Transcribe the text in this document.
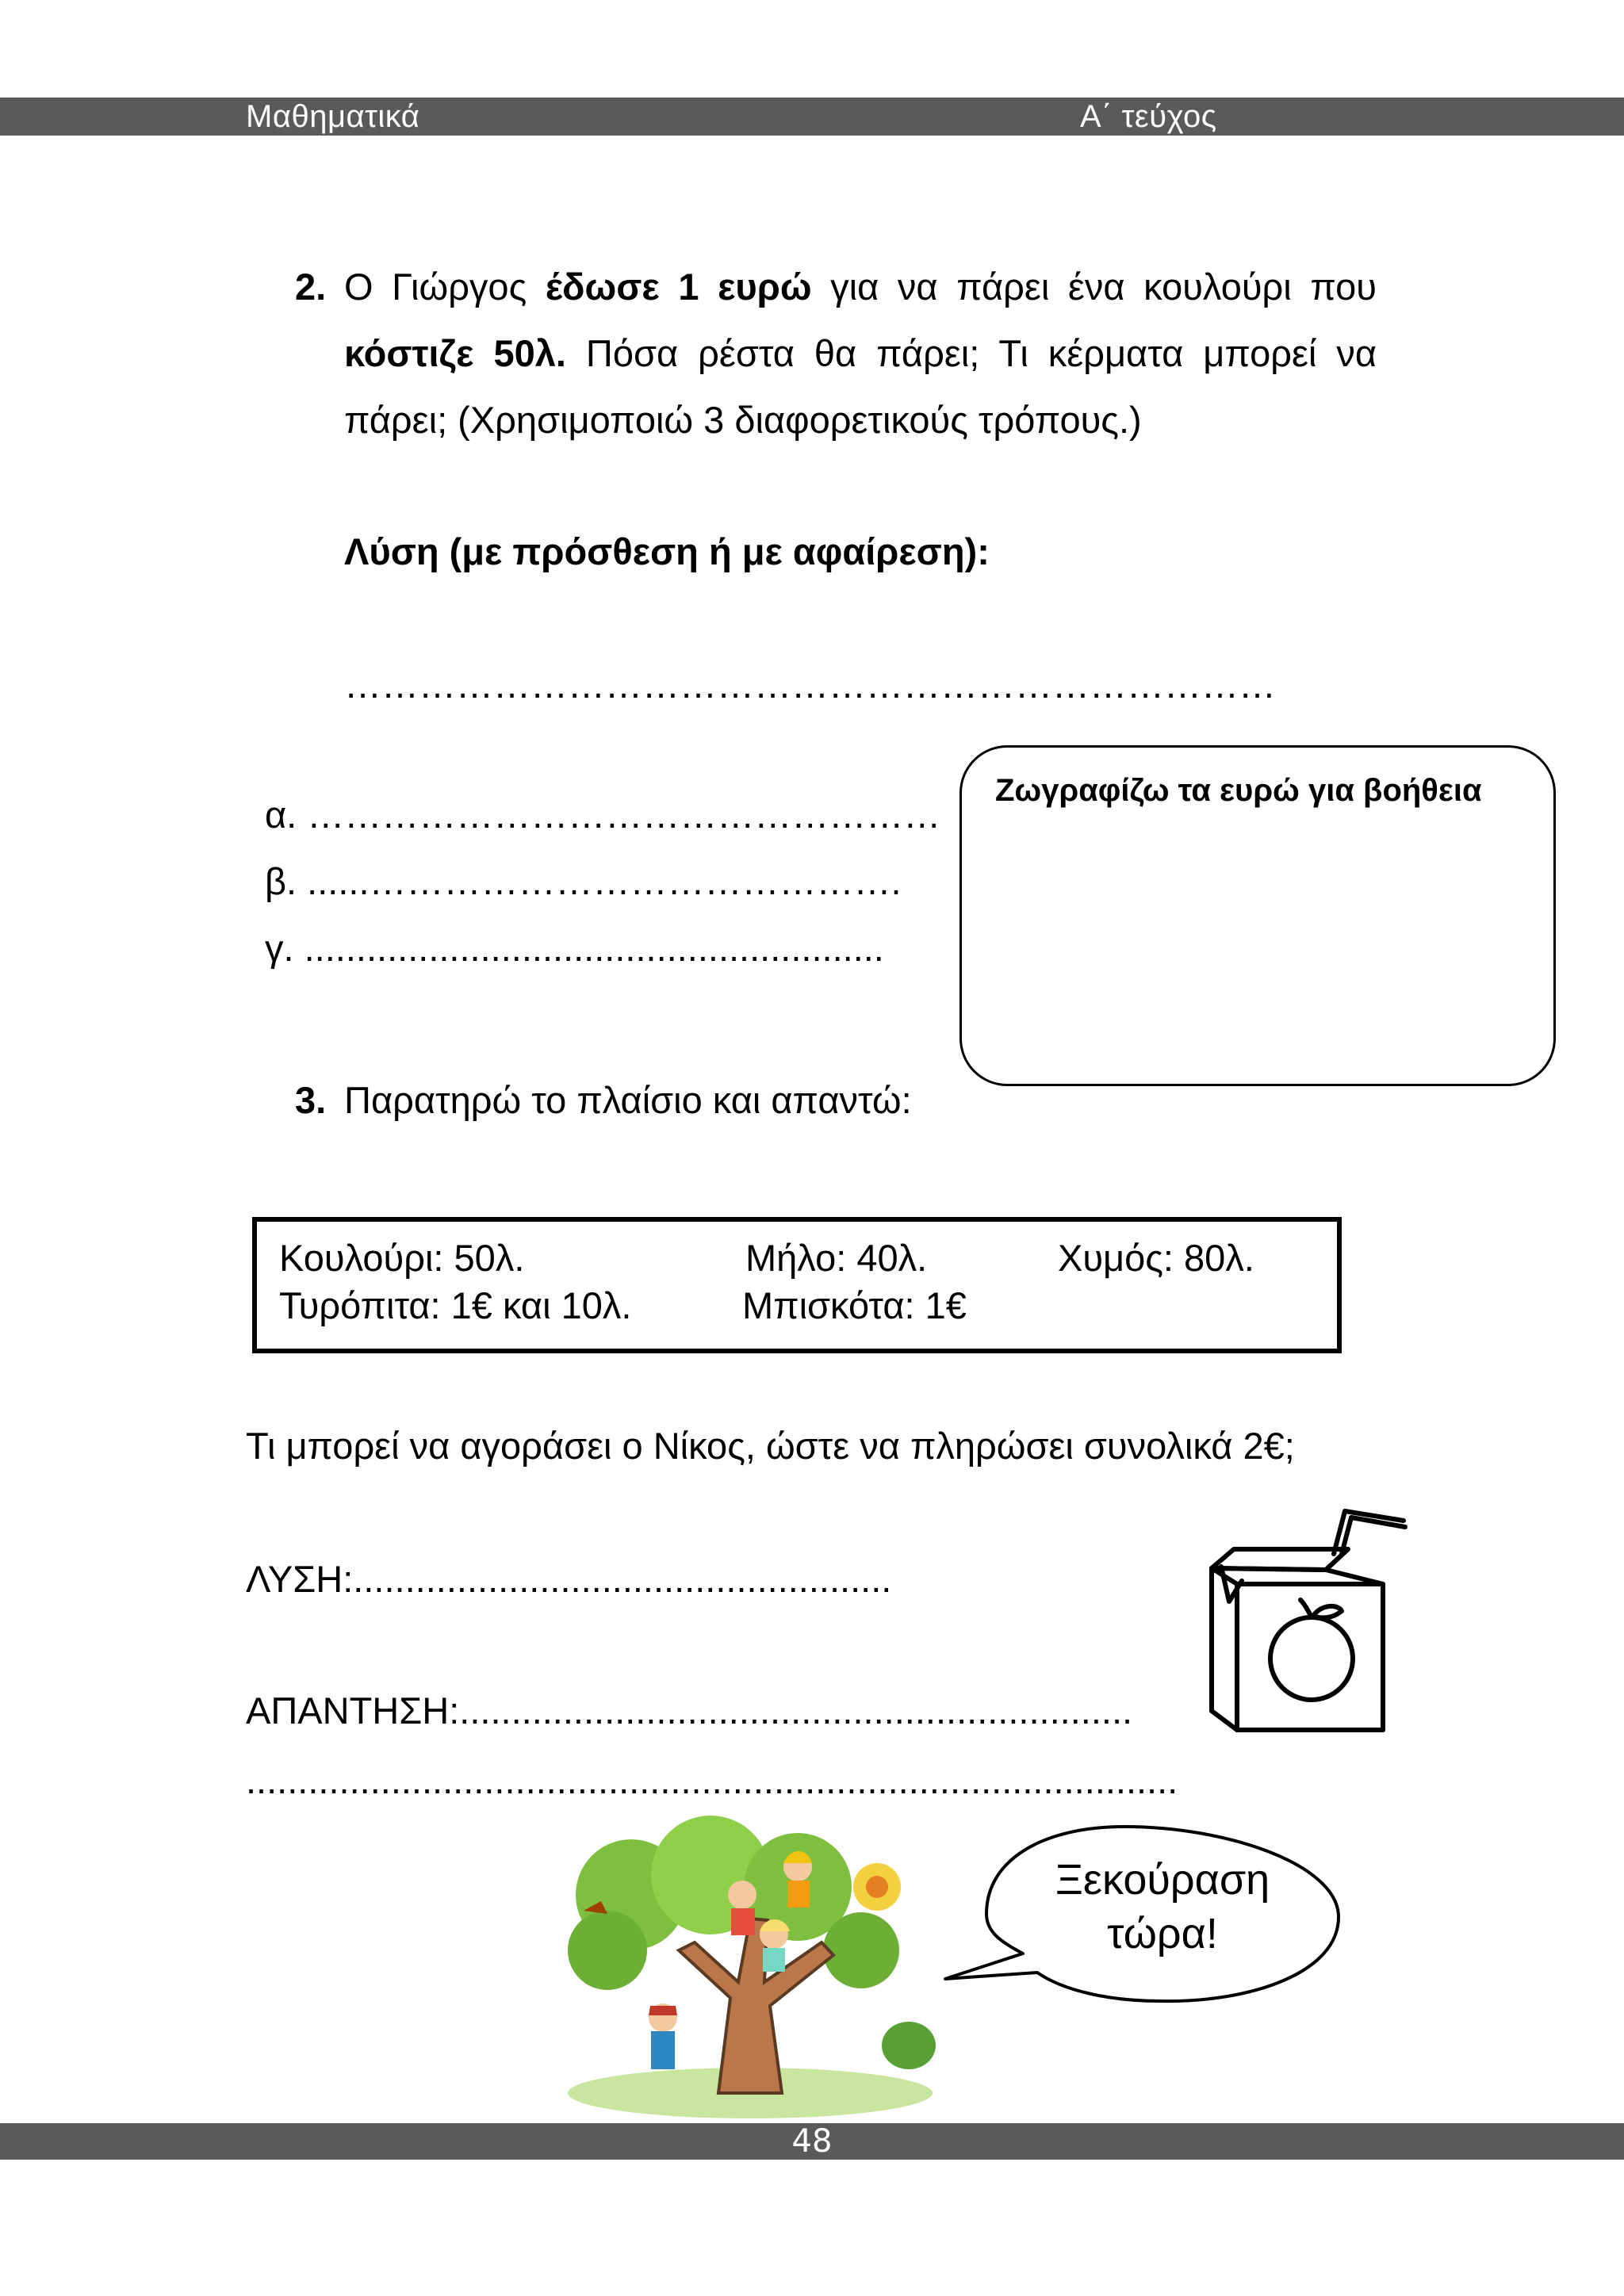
Μαθηματικά	Α΄ τεύχος
2. Ο Γιώργος έδωσε 1 ευρώ για να πάρει ένα κουλούρι που κόστιζε 50λ. Πόσα ρέστα θα πάρει; Τι κέρματα μπορεί να πάρει; (Χρησιμοποιώ 3 διαφορετικούς τρόπους.)
Λύση (με πρόσθεση ή με αφαίρεση):
…………………………………………………………………
α. ……………………………………………
β. ......…………………………………….
γ. ........................................................
Ζωγραφίζω τα ευρώ για βοήθεια
3. Παρατηρώ το πλαίσιο και απαντώ:
Κουλούρι: 50λ.	Μήλο: 40λ.	Χυμός: 80λ.
Τυρόπιτα: 1€ και 10λ.	Μπισκότα: 1€
Τι μπορεί να αγοράσει ο Νίκος, ώστε να πληρώσει συνολικά 2€;
ΛΥΣΗ:....................................................
ΑΠΑΝΤΗΣΗ:.................................................................
..........................................................................................
Ξεκούραση
τώρα!
48
